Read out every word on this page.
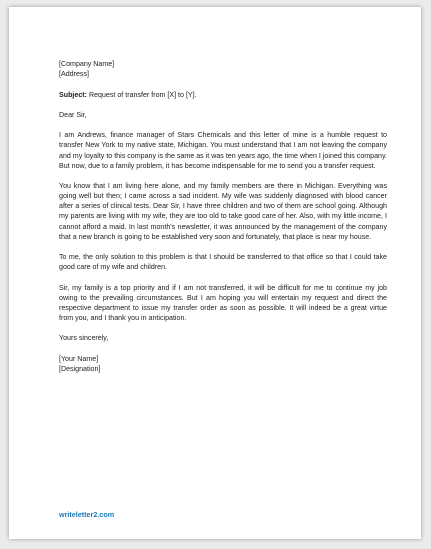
[Company Name]
[Address]
Subject: Request of transfer from [X] to [Y].
Dear Sir,
I am Andrews, finance manager of Stars Chemicals and this letter of mine is a humble request to transfer New York to my native state, Michigan. You must understand that I am not leaving the company and my loyalty to this company is the same as it was ten years ago, the time when I joined this company. But now, due to a family problem, it has become indispensable for me to send you a transfer request.
You know that I am living here alone, and my family members are there in Michigan. Everything was going well but then; I came across a sad incident. My wife was suddenly diagnosed with blood cancer after a series of clinical tests. Dear Sir, I have three children and two of them are school going. Although my parents are living with my wife, they are too old to take good care of her. Also, with my little income, I cannot afford a maid. In last month's newsletter, it was announced by the management of the company that a new branch is going to be established very soon and fortunately, that place is near my house.
To me, the only solution to this problem is that I should be transferred to that office so that I could take good care of my wife and children.
Sir, my family is a top priority and if I am not transferred, it will be difficult for me to continue my job owing to the prevailing circumstances. But I am hoping you will entertain my request and direct the respective department to issue my transfer order as soon as possible. It will indeed be a great virtue from you, and I thank you in anticipation.
Yours sincerely,
[Your Name]
[Designation]
writeletter2.com
